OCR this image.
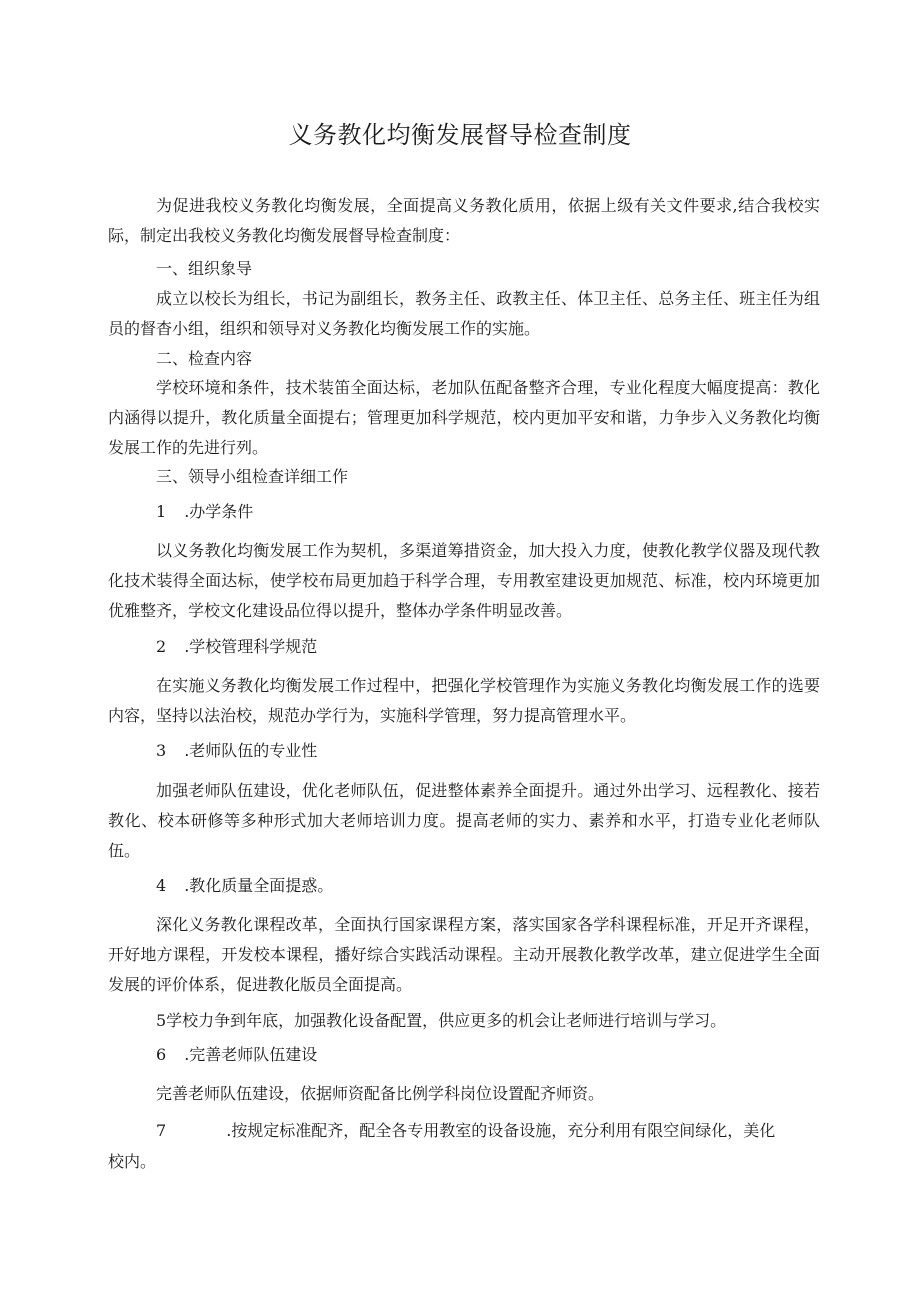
义务教化均衡发展督导检查制度
为促进我校义务教化均衡发展，全面提高义务教化质用，依据上级有关文件要求,结合我校实际，制定出我校义务教化均衡发展督导检查制度：
一、组织象导
成立以校长为组长，书记为副组长，教务主任、政教主任、体卫主任、总务主任、班主任为组员的督杳小组，组织和领导对义务教化均衡发展工作的实施。
二、检查内容
学校环境和条件，技术装笛全面达标，老加队伍配备整齐合理，专业化程度大幅度提高：教化内涵得以提升，教化质量全面提右；管理更加科学规范，校内更加平安和谐，力争步入义务教化均衡发展工作的先进行列。
三、领导小组检查详细工作
1 .办学条件
以义务教化均衡发展工作为契机，多渠道筹措资金，加大投入力度，使教化教学仪器及现代教化技术装得全面达标，使学校布局更加趋于科学合理，专用教室建设更加规范、标准，校内环境更加优雅整齐，学校文化建设品位得以提升，整体办学条件明显改善。
2 .学校管理科学规范
在实施义务教化均衡发展工作过程中，把强化学校管理作为实施义务教化均衡发展工作的选要内容，坚持以法治校，规范办学行为，实施科学管理，努力提高管理水平。
3 .老师队伍的专业性
加强老师队伍建设，优化老师队伍，促进整体素养全面提升。通过外出学习、远程教化、接若教化、校本研修等多种形式加大老师培训力度。提高老师的实力、素养和水平，打造专业化老师队伍。
4 .教化质量全面提惑。
深化义务教化课程改革，全面执行国家课程方案，落实国家各学科课程标准，开足开齐课程，开好地方课程，开发校本课程，播好综合实践活动课程。主动开展教化教学改革，建立促进学生全面发展的评价体系，促进教化版员全面提高。
5学校力争到年底，加强教化设备配置，供应更多的机会让老师进行培训与学习。
6 .完善老师队伍建设
完善老师队伍建设，依据师资配备比例学科岗位设置配齐师资。
7	.按规定标准配齐，配全各专用教室的设备设施，充分利用有限空间绿化，美化
校内。
